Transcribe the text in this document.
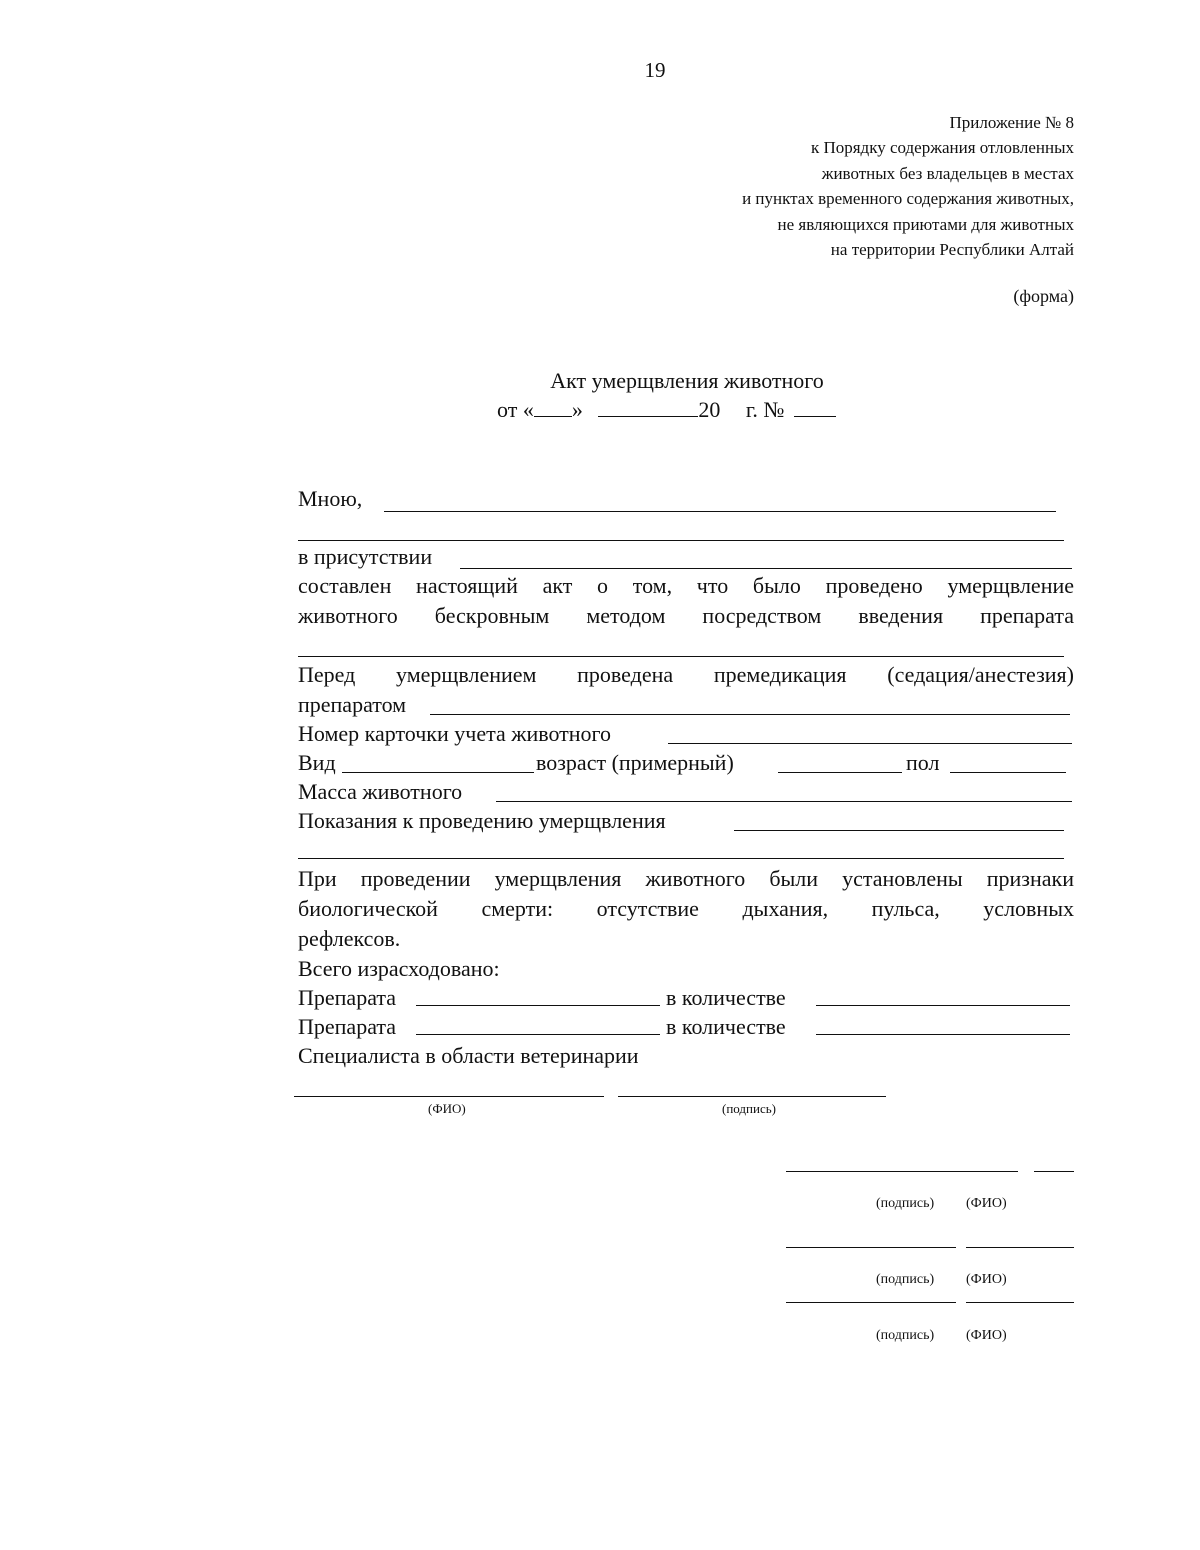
19
Приложение № 8
к Порядку содержания отловленных
животных без владельцев в местах
и пунктах временного содержания животных,
не являющихся приютами для животных
на территории Республики Алтай
(форма)
Акт умерщвления животного
от « »	20 г. №
Мною,
в присутствии
составлен настоящий акт о том, что было проведено умерщвление
животного бескровным методом посредством введения препарата
Перед умерщвлением проведена премедикация (седация/анестезия)
препаратом
Номер карточки учета животного
Вид	возраст (примерный)	пол
Масса животного
Показания к проведению умерщвления
При проведении умерщвления животного были установлены признаки
биологической смерти: отсутствие дыхания, пульса, условных
рефлексов.
Всего израсходовано:
Препарата	в количестве
Препарата	в количестве
Специалиста в области ветеринарии
(ФИО)	(подпись)
(подпись) (ФИО)
(подпись) (ФИО)
(подпись) (ФИО)
